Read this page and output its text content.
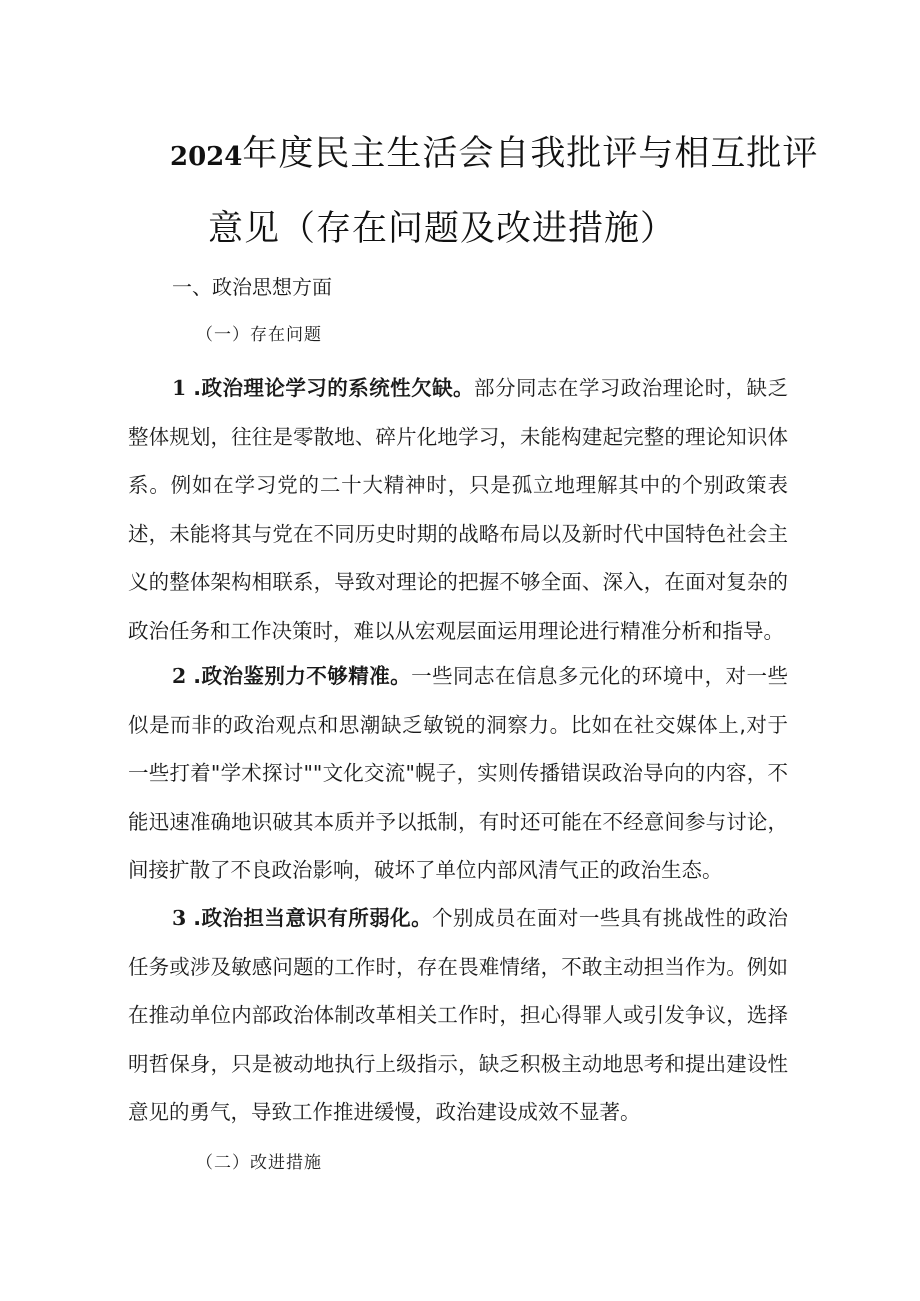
2024年度民主生活会自我批评与相互批评
意见（存在问题及改进措施）
一、政治思想方面
（一）存在问题

1 .政治理论学习的系统性欠缺。部分同志在学习政治理论时，缺乏整体规划，往往是零散地、碎片化地学习，未能构建起完整的理论知识体系。例如在学习党的二十大精神时，只是孤立地理解其中的个别政策表述，未能将其与党在不同历史时期的战略布局以及新时代中国特色社会主义的整体架构相联系，导致对理论的把握不够全面、深入，在面对复杂的政治任务和工作决策时，难以从宏观层面运用理论进行精准分析和指导。

2 .政治鉴别力不够精准。一些同志在信息多元化的环境中，对一些似是而非的政治观点和思潮缺乏敏锐的洞察力。比如在社交媒体上,对于一些打着"学术探讨""文化交流"幌子，实则传播错误政治导向的内容，不能迅速准确地识破其本质并予以抵制，有时还可能在不经意间参与讨论，间接扩散了不良政治影响，破坏了单位内部风清气正的政治生态。

3 .政治担当意识有所弱化。个别成员在面对一些具有挑战性的政治任务或涉及敏感问题的工作时，存在畏难情绪，不敢主动担当作为。例如在推动单位内部政治体制改革相关工作时，担心得罪人或引发争议，选择明哲保身，只是被动地执行上级指示，缺乏积极主动地思考和提出建设性意见的勇气，导致工作推进缓慢，政治建设成效不显著。

（二）改进措施
